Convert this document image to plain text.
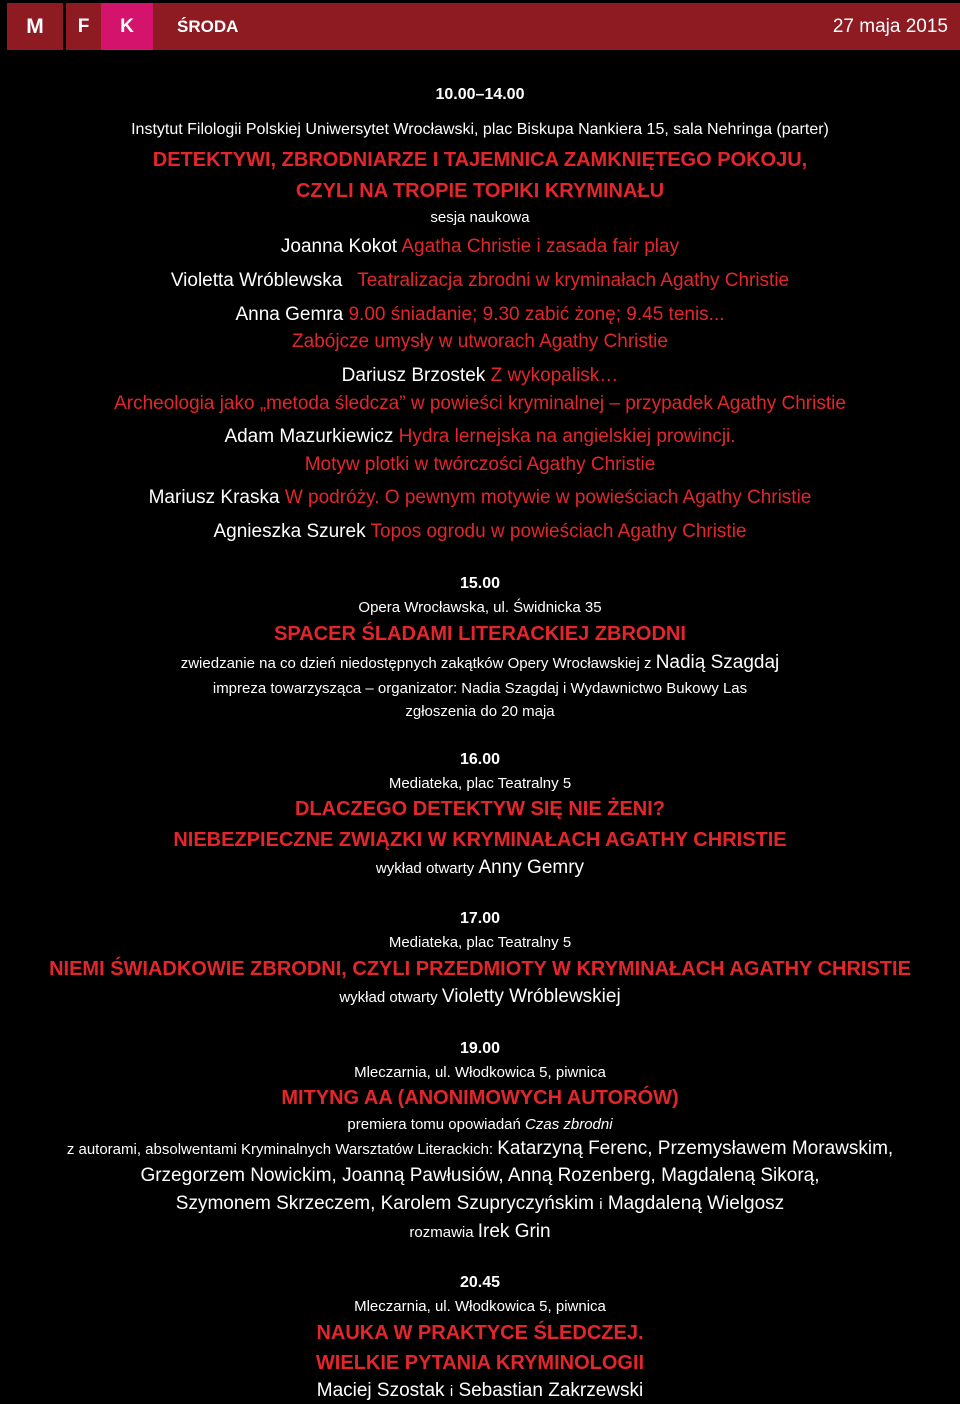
M	F	K	ŚRODA	27 maja 2015
10.00–14.00
Instytut Filologii Polskiej Uniwersytet Wrocławski, plac Biskupa Nankiera 15, sala Nehringa (parter)
DETEKTYWI, ZBRODNIARZE I TAJEMNICA ZAMKNIĘTEGO POKOJU,
CZYLI NA TROPIE TOPIKI KRYMINAŁU
sesja naukowa
Joanna Kokot Agatha Christie i zasada fair play
Violetta Wróblewska Teatralizacja zbrodni w kryminałach Agathy Christie
Anna Gemra 9.00 śniadanie; 9.30 zabić żonę; 9.45 tenis...
Zabójcze umysły w utworach Agathy Christie
Dariusz Brzostek Z wykopalisk…
Archeologia jako „metoda śledcza” w powieści kryminalnej – przypadek Agathy Christie
Adam Mazurkiewicz Hydra lernejska na angielskiej prowincji.
Motyw plotki w twórczości Agathy Christie
Mariusz Kraska W podróży. O pewnym motywie w powieściach Agathy Christie
Agnieszka Szurek Topos ogrodu w powieściach Agathy Christie
15.00
Opera Wrocławska, ul. Świdnicka 35
SPACER ŚLADAMI LITERACKIEJ ZBRODNI
zwiedzanie na co dzień niedostępnych zakątków Opery Wrocławskiej z Nadią Szagdaj
impreza towarzysząca – organizator: Nadia Szagdaj i Wydawnictwo Bukowy Las
zgłoszenia do 20 maja
16.00
Mediateka, plac Teatralny 5
DLACZEGO DETEKTYW SIĘ NIE ŻENI?
NIEBEZPIECZNE ZWIĄZKI W KRYMINAŁACH AGATHY CHRISTIE
wykład otwarty Anny Gemry
17.00
Mediateka, plac Teatralny 5
NIEMI ŚWIADKOWIE ZBRODNI, CZYLI PRZEDMIOTY W KRYMINAŁACH AGATHY CHRISTIE
wykład otwarty Violetty Wróblewskiej
19.00
Mleczarnia, ul. Włodkowica 5, piwnica
MITYNG AA (ANONIMOWYCH AUTORÓW)
premiera tomu opowiadań Czas zbrodni
z autorami, absolwentami Kryminalnych Warsztatów Literackich: Katarzyną Ferenc, Przemysławem Morawskim,
Grzegorzem Nowickim, Joanną Pawłusiów, Anną Rozenberg, Magdaleną Sikorą,
Szymonem Skrzeczem, Karolem Szupryczyńskim i Magdaleną Wielgosz
rozmawia Irek Grin
20.45
Mleczarnia, ul. Włodkowica 5, piwnica
NAUKA W PRAKTYCE ŚLEDCZEJ.
WIELKIE PYTANIA KRYMINOLOGII
Maciej Szostak i Sebastian Zakrzewski
